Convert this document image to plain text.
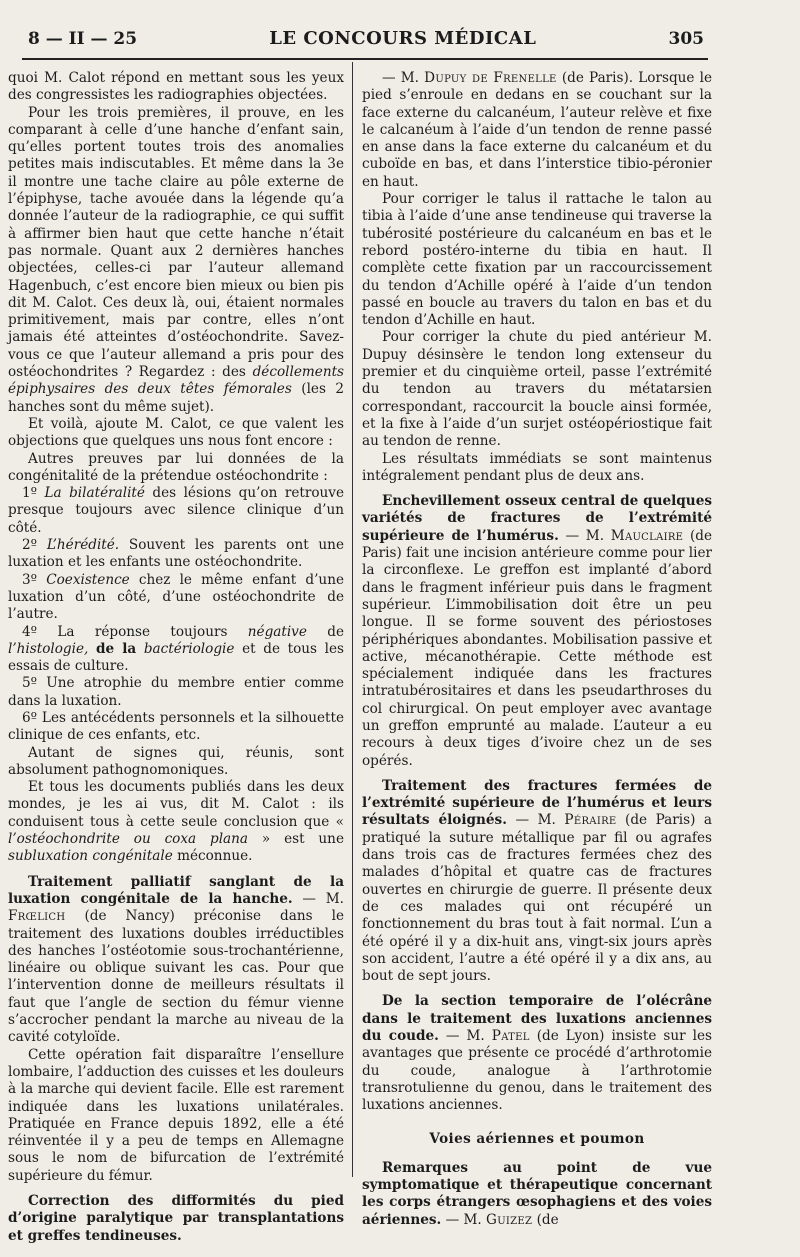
8 — II — 25	LE CONCOURS MÉDICAL	305

quoi M. Calot répond en mettant sous les yeux des congressistes les radiographies objectées.

Pour les trois premières, il prouve, en les comparant à celle d’une hanche d’enfant sain, qu’elles portent toutes trois des anomalies petites mais indiscutables. Et même dans la 3e il montre une tache claire au pôle externe de l’épiphyse, tache avouée dans la légende qu’a donnée l’auteur de la radiographie, ce qui suffit à affirmer bien haut que cette hanche n’était pas normale. Quant aux 2 dernières hanches objectées, celles-ci par l’auteur allemand Hagenbuch, c’est encore bien mieux ou bien pis dit M. Calot. Ces deux là, oui, étaient normales primitivement, mais par contre, elles n’ont jamais été atteintes d’ostéochondrite. Savez-vous ce que l’auteur allemand a pris pour des ostéochondrites ? Regardez : des décollements épiphysaires des deux têtes fémorales (les 2 hanches sont du même sujet).

Et voilà, ajoute M. Calot, ce que valent les objections que quelques uns nous font encore :

Autres preuves par lui données de la congénitalité de la prétendue ostéochondrite :

1º La bilatéralité des lésions qu’on retrouve presque toujours avec silence clinique d’un côté.

2º L’hérédité. Souvent les parents ont une luxation et les enfants une ostéochondrite.

3º Coexistence chez le même enfant d’une luxation d’un côté, d’une ostéochondrite de l’autre.

4º La réponse toujours négative de l’histologie, de la bactériologie et de tous les essais de culture.

5º Une atrophie du membre entier comme dans la luxation.

6º Les antécédents personnels et la silhouette clinique de ces enfants, etc.

Autant de signes qui, réunis, sont absolument pathognomoniques.

Et tous les documents publiés dans les deux mondes, je les ai vus, dit M. Calot : ils conduisent tous à cette seule conclusion que « l’ostéochondrite ou coxa plana » est une subluxation congénitale méconnue.

Traitement palliatif sanglant de la luxation congénitale de la hanche. — M. Frœlich (de Nancy) préconise dans le traitement des luxations doubles irréductibles des hanches l’ostéotomie sous-trochantérienne, linéaire ou oblique suivant les cas. Pour que l’intervention donne de meilleurs résultats il faut que l’angle de section du fémur vienne s’accrocher pendant la marche au niveau de la cavité cotyloïde.

Cette opération fait disparaître l’ensellure lombaire, l’adduction des cuisses et les douleurs à la marche qui devient facile. Elle est rarement indiquée dans les luxations unilatérales. Pratiquée en France depuis 1892, elle a été réinventée il y a peu de temps en Allemagne sous le nom de bifurcation de l’extrémité supérieure du fémur.

Correction des difformités du pied d’origine paralytique par transplantations et greffes tendineuses.

— M. Dupuy de Frenelle (de Paris). Lorsque le pied s’enroule en dedans en se couchant sur la face externe du calcanéum, l’auteur relève et fixe le calcanéum à l’aide d’un tendon de renne passé en anse dans la face externe du calcanéum et du cuboïde en bas, et dans l’interstice tibio-péronier en haut.

Pour corriger le talus il rattache le talon au tibia à l’aide d’une anse tendineuse qui traverse la tubérosité postérieure du calcanéum en bas et le rebord postéro-interne du tibia en haut. Il complète cette fixation par un raccourcissement du tendon d’Achille opéré à l’aide d’un tendon passé en boucle au travers du talon en bas et du tendon d’Achille en haut.

Pour corriger la chute du pied antérieur M. Dupuy désinsère le tendon long extenseur du premier et du cinquième orteil, passe l’extrémité du tendon au travers du métatarsien correspondant, raccourcit la boucle ainsi formée, et la fixe à l’aide d’un surjet ostéopériostique fait au tendon de renne.

Les résultats immédiats se sont maintenus intégralement pendant plus de deux ans.

Enchevillement osseux central de quelques variétés de fractures de l’extrémité supérieure de l’humérus. — M. Mauclaire (de Paris) fait une incision antérieure comme pour lier la circonflexe. Le greffon est implanté d’abord dans le fragment inférieur puis dans le fragment supérieur. L’immobilisation doit être un peu longue. Il se forme souvent des périostoses périphériques abondantes. Mobilisation passive et active, mécanothérapie. Cette méthode est spécialement indiquée dans les fractures intratubérositaires et dans les pseudarthroses du col chirurgical. On peut employer avec avantage un greffon emprunté au malade. L’auteur a eu recours à deux tiges d’ivoire chez un de ses opérés.

Traitement des fractures fermées de l’extrémité supérieure de l’humérus et leurs résultats éloignés. — M. Péraire (de Paris) a pratiqué la suture métallique par fil ou agrafes dans trois cas de fractures fermées chez des malades d’hôpital et quatre cas de fractures ouvertes en chirurgie de guerre. Il présente deux de ces malades qui ont récupéré un fonctionnement du bras tout à fait normal. L’un a été opéré il y a dix-huit ans, vingt-six jours après son accident, l’autre a été opéré il y a dix ans, au bout de sept jours.

De la section temporaire de l’olécrâne dans le traitement des luxations anciennes du coude. — M. Patel (de Lyon) insiste sur les avantages que présente ce procédé d’arthrotomie du coude, analogue à l’arthrotomie transrotulienne du genou, dans le traitement des luxations anciennes.

Voies aériennes et poumon

Remarques au point de vue symptomatique et thérapeutique concernant les corps étrangers œsophagiens et des voies aériennes. — M. Guizez (de
